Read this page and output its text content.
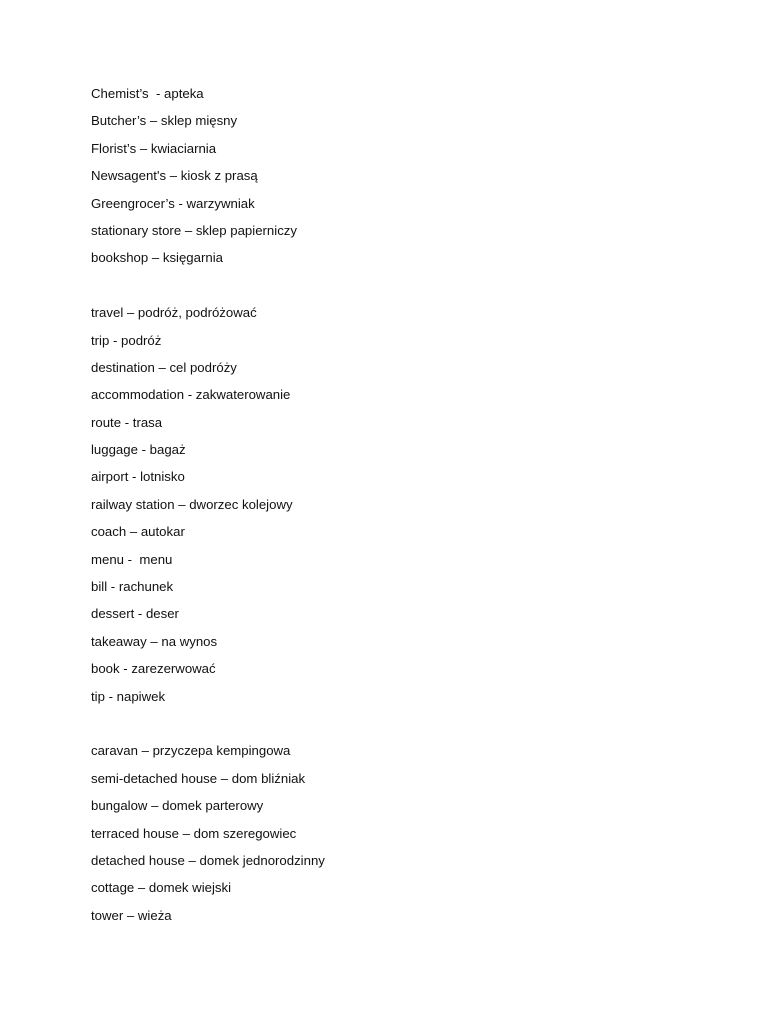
Chemist’s  - apteka
Butcher’s – sklep mięsny
Florist’s – kwiaciarnia
Newsagent's – kiosk z prasą
Greengrocer’s - warzywniak
stationary store – sklep papierniczy
bookshop – księgarnia
travel – podróż, podróżować
trip - podróż
destination – cel podróży
accommodation - zakwaterowanie
route - trasa
luggage - bagaż
airport - lotnisko
railway station – dworzec kolejowy
coach – autokar
menu -  menu
bill - rachunek
dessert - deser
takeaway – na wynos
book - zarezerwować
tip - napiwek
caravan – przyczepa kempingowa
semi-detached house – dom bliźniak
bungalow – domek parterowy
terraced house – dom szeregowiec
detached house – domek jednorodzinny
cottage – domek wiejski
tower – wieża
